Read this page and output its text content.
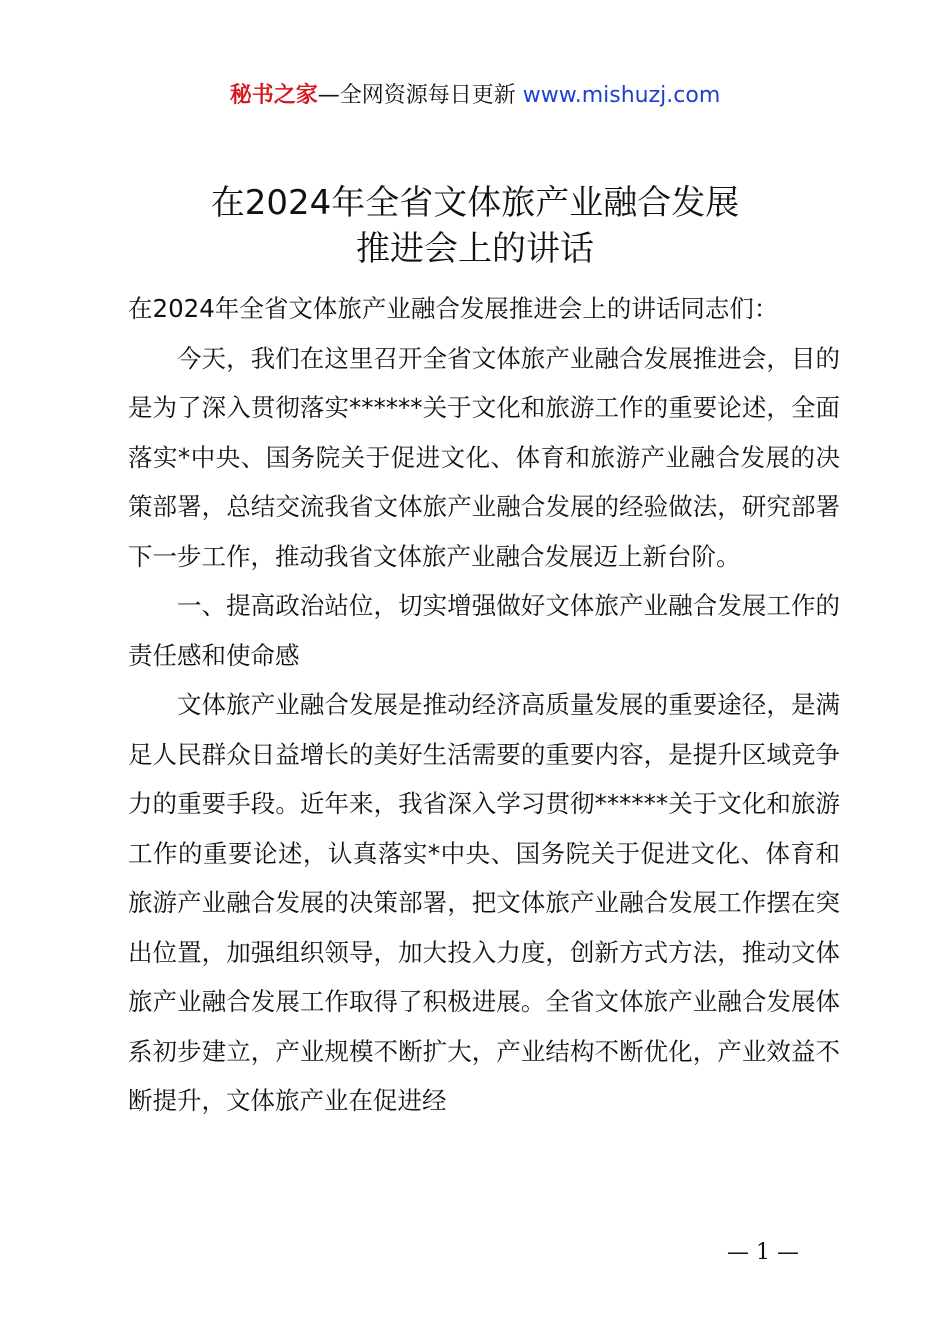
秘书之家—全网资源每日更新 www.mishuzj.com
在2024年全省文体旅产业融合发展
推进会上的讲话

在2024年全省文体旅产业融合发展推进会上的讲话同志们：

今天，我们在这里召开全省文体旅产业融合发展推进会，目的是为了深入贯彻落实******关于文化和旅游工作的重要论述，全面落实*中央、国务院关于促进文化、体育和旅游产业融合发展的决策部署，总结交流我省文体旅产业融合发展的经验做法，研究部署下一步工作，推动我省文体旅产业融合发展迈上新台阶。

一、提高政治站位，切实增强做好文体旅产业融合发展工作的责任感和使命感

文体旅产业融合发展是推动经济高质量发展的重要途径，是满足人民群众日益增长的美好生活需要的重要内容，是提升区域竞争力的重要手段。近年来，我省深入学习贯彻******关于文化和旅游工作的重要论述，认真落实*中央、国务院关于促进文化、体育和旅游产业融合发展的决策部署，把文体旅产业融合发展工作摆在突出位置，加强组织领导，加大投入力度，创新方式方法，推动文体旅产业融合发展工作取得了积极进展。全省文体旅产业融合发展体系初步建立，产业规模不断扩大，产业结构不断优化，产业效益不断提升，文体旅产业在促进经

— 1 —
